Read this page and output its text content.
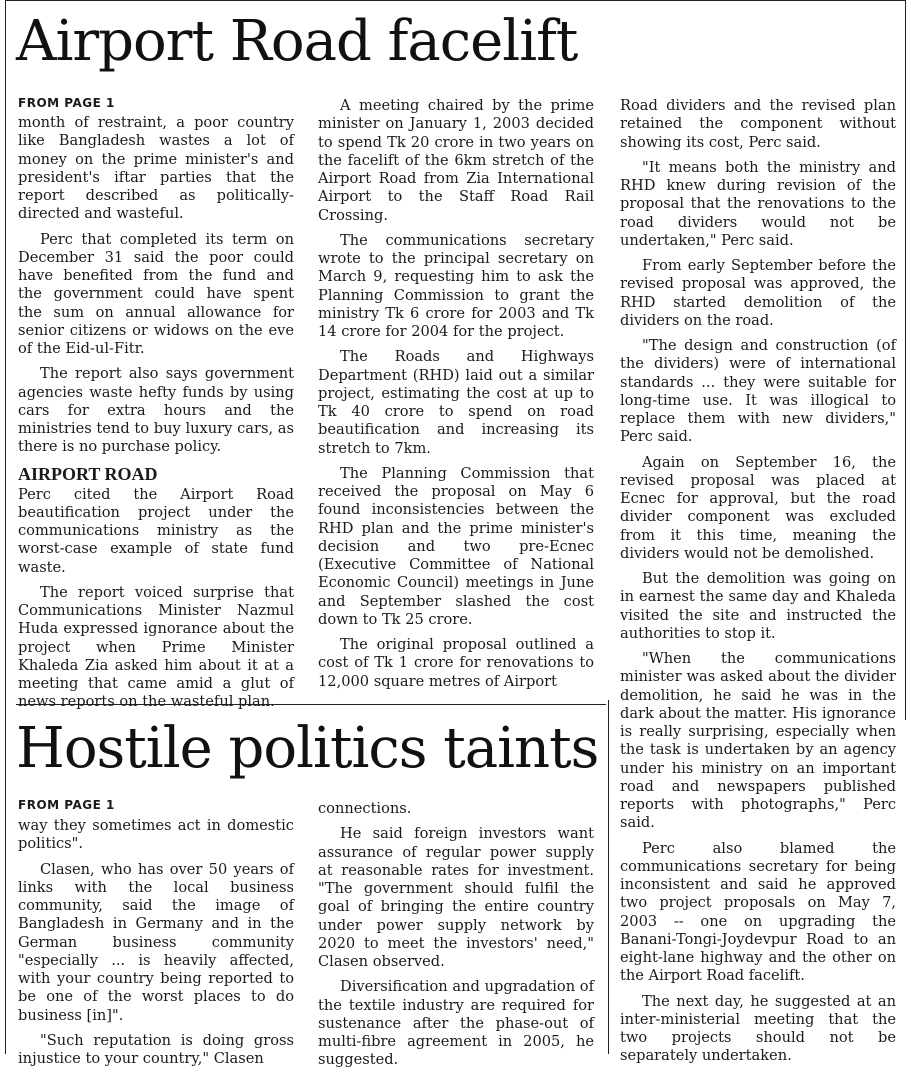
Airport Road facelift
FROM PAGE 1

month of restraint, a poor country like Bangladesh wastes a lot of money on the prime minister's and president's iftar parties that the report described as politically-directed and wasteful.

Perc that completed its term on December 31 said the poor could have benefited from the fund and the government could have spent the sum on annual allowance for senior citizens or widows on the eve of the Eid-ul-Fitr.

The report also says government agencies waste hefty funds by using cars for extra hours and the ministries tend to buy luxury cars, as there is no purchase policy.

AIRPORT ROAD

Perc cited the Airport Road beautification project under the communications ministry as the worst-case example of state fund waste.

The report voiced surprise that Communications Minister Nazmul Huda expressed ignorance about the project when Prime Minister Khaleda Zia asked him about it at a meeting that came amid a glut of news reports on the wasteful plan.

A meeting chaired by the prime minister on January 1, 2003 decided to spend Tk 20 crore in two years on the facelift of the 6km stretch of the Airport Road from Zia International Airport to the Staff Road Rail Crossing.

The communications secretary wrote to the principal secretary on March 9, requesting him to ask the Planning Commission to grant the ministry Tk 6 crore for 2003 and Tk 14 crore for 2004 for the project.

The Roads and Highways Department (RHD) laid out a similar project, estimating the cost at up to Tk 40 crore to spend on road beautification and increasing its stretch to 7km.

The Planning Commission that received the proposal on May 6 found inconsistencies between the RHD plan and the prime minister's decision and two pre-Ecnec (Executive Committee of National Economic Council) meetings in June and September slashed the cost down to Tk 25 crore.

The original proposal outlined a cost of Tk 1 crore for renovations to 12,000 square metres of Airport

Road dividers and the revised plan retained the component without showing its cost, Perc said.

"It means both the ministry and RHD knew during revision of the proposal that the renovations to the road dividers would not be undertaken," Perc said.

From early September before the revised proposal was approved, the RHD started demolition of the dividers on the road.

"The design and construction (of the dividers) were of international standards ... they were suitable for long-time use. It was illogical to replace them with new dividers," Perc said.

Again on September 16, the revised proposal was placed at Ecnec for approval, but the road divider component was excluded from it this time, meaning the dividers would not be demolished.

But the demolition was going on in earnest the same day and Khaleda visited the site and instructed the authorities to stop it.

"When the communications minister was asked about the divider demolition, he said he was in the dark about the matter. His ignorance is really surprising, especially when the task is undertaken by an agency under his ministry on an important road and newspapers published reports with photographs," Perc said.

Perc also blamed the communications secretary for being inconsistent and said he approved two project proposals on May 7, 2003 -- one on upgrading the Banani-Tongi-Joydevpur Road to an eight-lane highway and the other on the Airport Road facelift.

The next day, he suggested at an inter-ministerial meeting that the two projects should not be separately undertaken.

Hostile politics taints
FROM PAGE 1

way they sometimes act in domestic politics".

Clasen, who has over 50 years of links with the local business community, said the image of Bangladesh in Germany and in the German business community "especially ... is heavily affected, with your country being reported to be one of the worst places to do business [in]".

"Such reputation is doing gross injustice to your country," Clasen

connections.

He said foreign investors want assurance of regular power supply at reasonable rates for investment. "The government should fulfil the goal of bringing the entire country under power supply network by 2020 to meet the investors' need," Clasen observed.

Diversification and upgradation of the textile industry are required for sustenance after the phase-out of multi-fibre agreement in 2005, he suggested.
